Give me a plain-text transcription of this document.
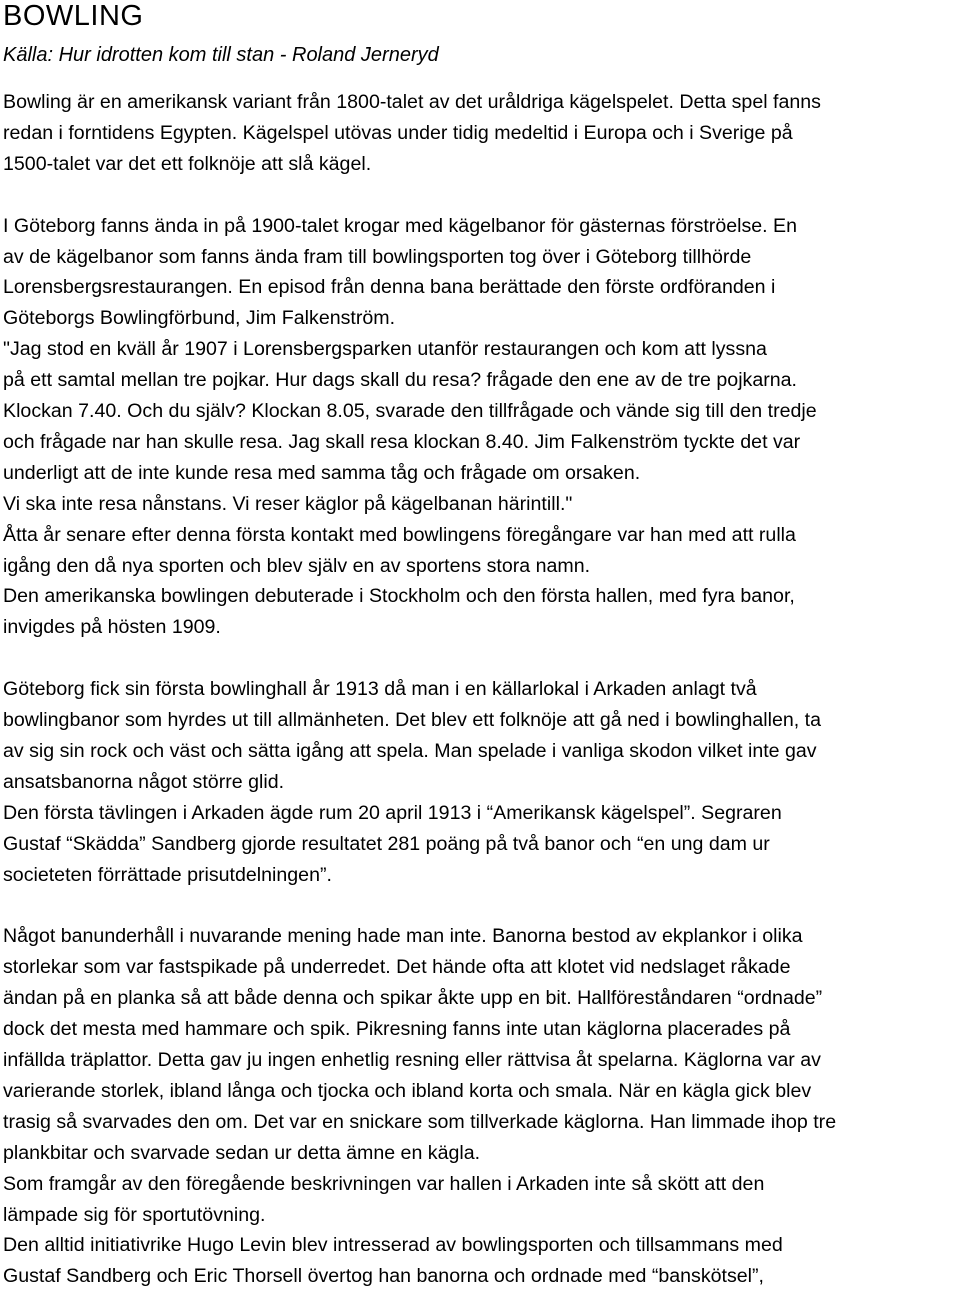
BOWLING
Källa: Hur idrotten kom till stan - Roland Jerneryd
Bowling är en amerikansk variant från 1800-talet av det uråldriga kägelspelet. Detta spel fanns
redan i forntidens Egypten. Kägelspel utövas under tidig medeltid i Europa och i Sverige på
1500-talet var det ett folknöje att slå kägel.
I Göteborg fanns ända in på 1900-talet krogar med kägelbanor för gästernas förströelse. En
av de kägelbanor som fanns ända fram till bowlingsporten tog över i Göteborg tillhörde
Lorensbergsrestaurangen. En episod från denna bana berättade den förste ordföranden i
Göteborgs Bowlingförbund, Jim Falkenström.
"Jag stod en kväll år 1907 i Lorensbergsparken utanför restaurangen och kom att lyssna
på ett samtal mellan tre pojkar. Hur dags skall du resa? frågade den ene av de tre pojkarna.
Klockan 7.40. Och du själv? Klockan 8.05, svarade den tillfrågade och vände sig till den tredje
och frågade nar han skulle resa. Jag skall resa klockan 8.40. Jim Falkenström tyckte det var
underligt att de inte kunde resa med samma tåg och frågade om orsaken.
Vi ska inte resa nånstans. Vi reser käglor på kägelbanan härintill."
Åtta år senare efter denna första kontakt med bowlingens föregångare var han med att rulla
igång den då nya sporten och blev själv en av sportens stora namn.
Den amerikanska bowlingen debuterade i Stockholm och den första hallen, med fyra banor,
invigdes på hösten 1909.
Göteborg fick sin första bowlinghall år 1913 då man i en källarlokal i Arkaden anlagt två
bowlingbanor som hyrdes ut till allmänheten. Det blev ett folknöje att gå ned i bowlinghallen, ta
av sig sin rock och väst och sätta igång att spela. Man spelade i vanliga skodon vilket inte gav
ansatsbanorna något större glid.
Den första tävlingen i Arkaden ägde rum 20 april 1913 i “Amerikansk kägelspel”. Segraren
Gustaf “Skädda” Sandberg gjorde resultatet 281 poäng på två banor och “en ung dam ur
societeten förrättade prisutdelningen”.
Något banunderhåll i nuvarande mening hade man inte. Banorna bestod av ekplankor i olika
storlekar som var fastspikade på underredet. Det hände ofta att klotet vid nedslaget råkade
ändan på en planka så att både denna och spikar åkte upp en bit. Hallföreståndaren “ordnade”
dock det mesta med hammare och spik. Pikresning fanns inte utan käglorna placerades på
infällda träplattor. Detta gav ju ingen enhetlig resning eller rättvisa åt spelarna. Käglorna var av
varierande storlek, ibland långa och tjocka och ibland korta och smala. När en kägla gick blev
trasig så svarvades den om. Det var en snickare som tillverkade käglorna. Han limmade ihop tre
plankbitar och svarvade sedan ur detta ämne en kägla.
Som framgår av den föregående beskrivningen var hallen i Arkaden inte så skött att den
lämpade sig för sportutövning.
Den alltid initiativrike Hugo Levin blev intresserad av bowlingsporten och tillsammans med
Gustaf Sandberg och Eric Thorsell övertog han banorna och ordnade med “banskötsel”,
